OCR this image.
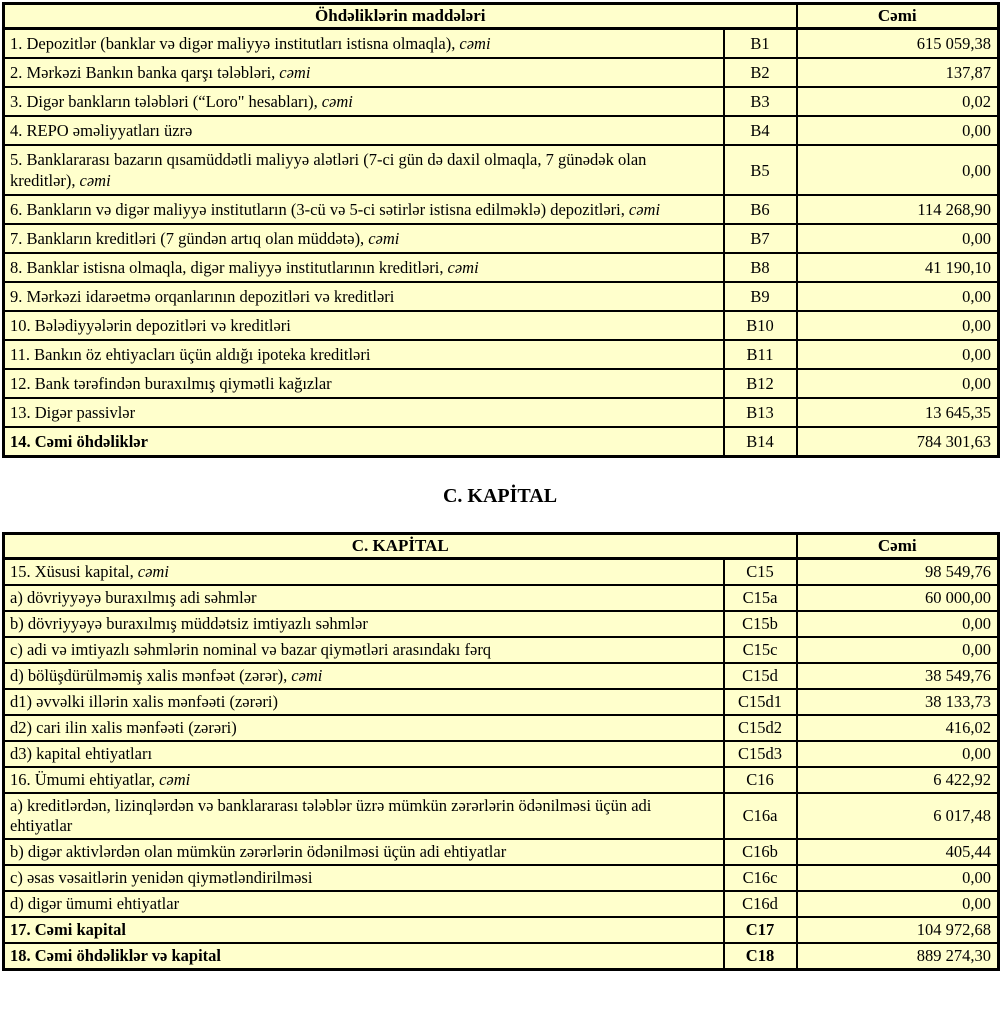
Öhdəliklərin maddələri		Cəmi
1. Depozitlər (banklar və digər maliyyə institutları istisna olmaqla), cəmi	B1	615 059,38
2. Mərkəzi Bankın banka qarşı tələbləri, cəmi	B2	137,87
3. Digər bankların tələbləri (“Loro" hesabları), cəmi	B3	0,02
4. REPO əməliyyatları üzrə	B4	0,00
5. Banklararası bazarın qısamüddətli maliyyə alətləri (7-ci gün də daxil olmaqla, 7 günədək olan kreditlər), cəmi	B5	0,00
6. Bankların və digər maliyyə institutların (3-cü və 5-ci sətirlər istisna edilməklə) depozitləri, cəmi	B6	114 268,90
7. Bankların kreditləri (7 gündən artıq olan müddətə), cəmi	B7	0,00
8. Banklar istisna olmaqla, digər maliyyə institutlarının kreditləri, cəmi	B8	41 190,10
9. Mərkəzi idarəetmə orqanlarının depozitləri və kreditləri	B9	0,00
10. Bələdiyyələrin depozitləri və kreditləri	B10	0,00
11. Bankın öz ehtiyacları üçün aldığı ipoteka kreditləri	B11	0,00
12. Bank tərəfindən buraxılmış qiymətli kağızlar	B12	0,00
13. Digər passivlər	B13	13 645,35
14. Cəmi öhdəliklər	B14	784 301,63
C. KAPİTAL
C. KAPİTAL		Cəmi
15. Xüsusi kapital, cəmi	C15	98 549,76
a) dövriyyəyə buraxılmış adi səhmlər	C15a	60 000,00
b) dövriyyəyə buraxılmış müddətsiz imtiyazlı səhmlər	C15b	0,00
c) adi və imtiyazlı səhmlərin nominal və bazar qiymətləri arasındakı fərq	C15c	0,00
d) bölüşdürülməmiş xalis mənfəət (zərər), cəmi	C15d	38 549,76
d1) əvvəlki illərin xalis mənfəəti (zərəri)	C15d1	38 133,73
d2) cari ilin xalis mənfəəti (zərəri)	C15d2	416,02
d3) kapital ehtiyatları	C15d3	0,00
16. Ümumi ehtiyatlar, cəmi	C16	6 422,92
a) kreditlərdən, lizinqlərdən və banklararası tələblər üzrə mümkün zərərlərin ödənilməsi üçün adi ehtiyatlar	C16a	6 017,48
b) digər aktivlərdən olan mümkün zərərlərin ödənilməsi üçün adi ehtiyatlar	C16b	405,44
c) əsas vəsaitlərin yenidən qiymətləndirilməsi	C16c	0,00
d) digər ümumi ehtiyatlar	C16d	0,00
17. Cəmi kapital	C17	104 972,68
18. Cəmi öhdəliklər və kapital	C18	889 274,30
